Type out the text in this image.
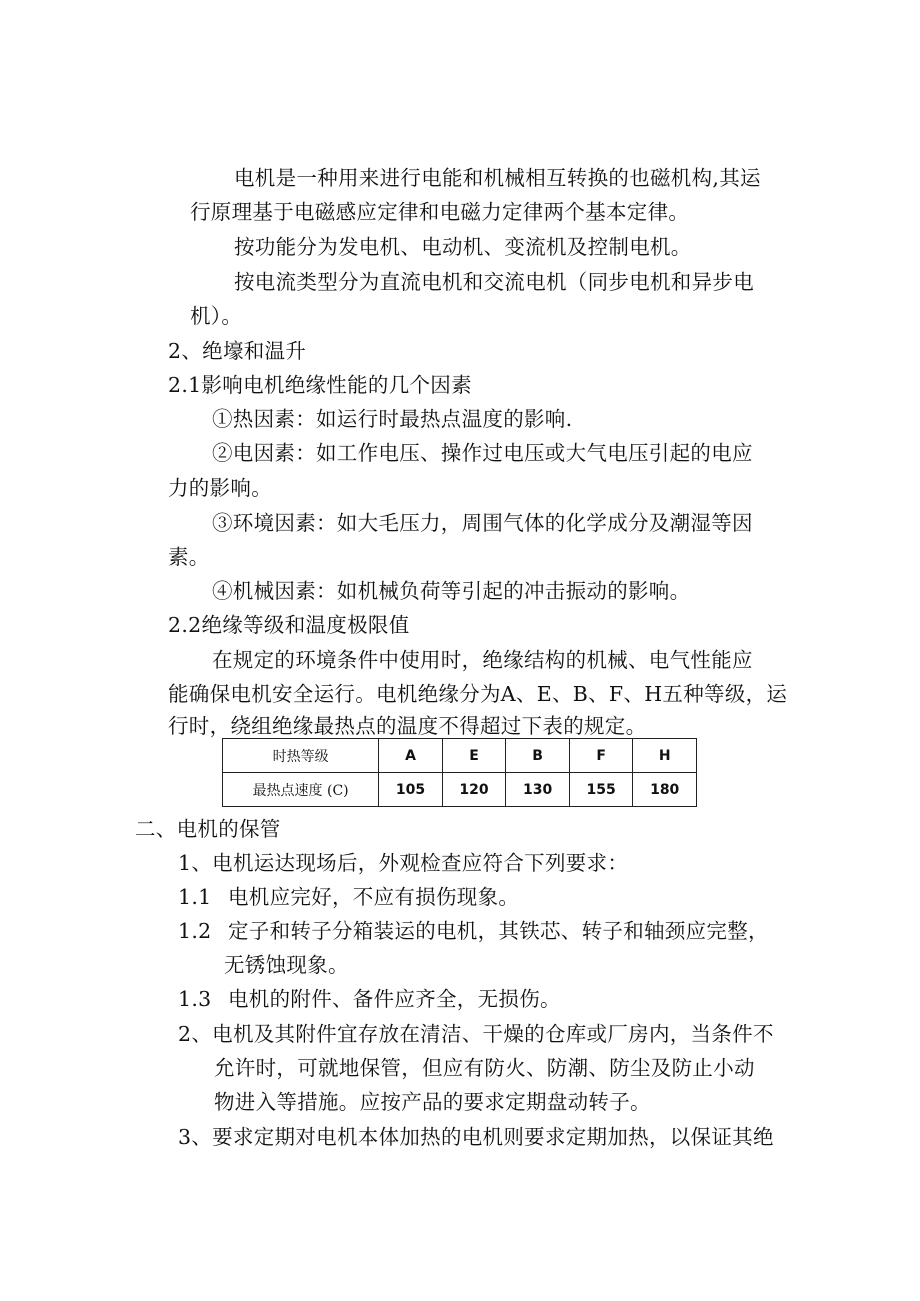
电机是一种用来进行电能和机械相互转换的也磁机构,其运
行原理基于电磁感应定律和电磁力定律两个基本定律。
按功能分为发电机、电动机、变流机及控制电机。
按电流类型分为直流电机和交流电机（同步电机和异步电
机）。
2、绝壕和温升
2.1影响电机绝缘性能的几个因素
①热因素：如运行时最热点温度的影响.
②电因素：如工作电压、操作过电压或大气电压引起的电应
力的影响。
③环境因素：如大毛压力，周围气体的化学成分及潮湿等因
素。
④机械因素：如机械负荷等引起的冲击振动的影响。
2.2绝缘等级和温度极限值
在规定的环境条件中使用时，绝缘结构的机械、电气性能应
能确保电机安全运行。电机绝缘分为A、E、B、F、H五种等级，运
行时，绕组绝缘最热点的温度不得超过下表的规定。
时热等级	A	E	B	F	H
最热点速度 (C)	105	120	130	155	180
二、电机的保管
1、电机运达现场后，外观检查应符合下列要求：
1.1 电机应完好，不应有损伤现象。
1.2 定子和转子分箱装运的电机，其铁芯、转子和轴颈应完整，
无锈蚀现象。
1.3 电机的附件、备件应齐全，无损伤。
2、电机及其附件宜存放在清洁、干燥的仓库或厂房内，当条件不
允许时，可就地保管，但应有防火、防潮、防尘及防止小动
物进入等措施。应按产品的要求定期盘动转子。
3、要求定期对电机本体加热的电机则要求定期加热，以保证其绝
